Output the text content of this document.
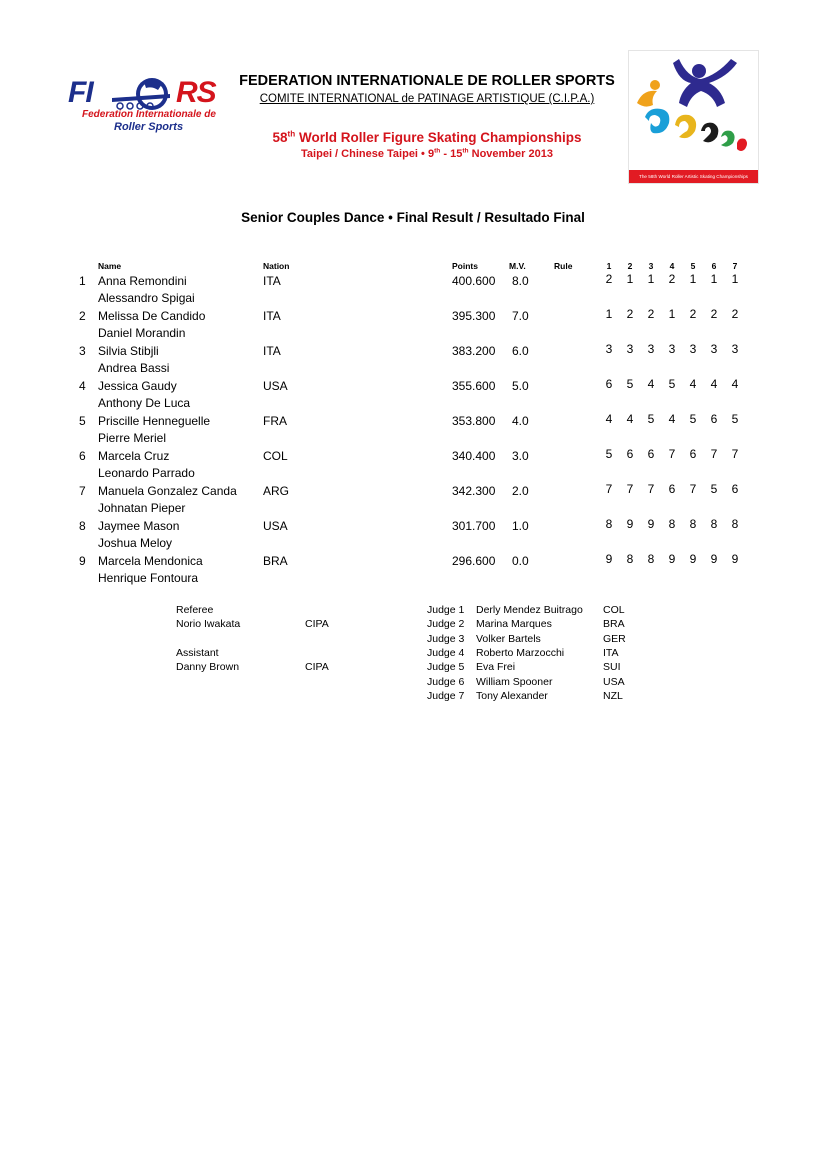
FI	RS
Federation Internationale de
Roller Sports
FEDERATION INTERNATIONALE DE ROLLER SPORTS
COMITE INTERNATIONAL de PATINAGE ARTISTIQUE (C.I.P.A.)
58th World Roller Figure Skating Championships
Taipei / Chinese Taipei • 9th - 15th November 2013
The 58th World Roller Artistic Skating Championships
Senior Couples Dance • Final Result / Resultado Final
Name	Nation	Points	M.V.	Rule	1	2	3	4	5	6	7
1 Anna Remondini
Alessandro Spigai
ITA	400.600 8.0	2	1	1	2	1	1	1
2 Melissa De Candido
Daniel Morandin
ITA	395.300 7.0	1	2	2	1	2	2	2
3 Silvia Stibjli
Andrea Bassi
ITA	383.200 6.0	3	3	3	3	3	3	3
4 Jessica Gaudy
Anthony De Luca
USA	355.600 5.0	6	5	4	5	4	4	4
5 Priscille Henneguelle
Pierre Meriel
FRA	353.800 4.0	4	4	5	4	5	6	5
6 Marcela Cruz
Leonardo Parrado
COL	340.400 3.0	5	6	6	7	6	7	7
7 Manuela Gonzalez Canda
Johnatan Pieper
ARG	342.300 2.0	7	7	7	6	7	5	6
8 Jaymee Mason
Joshua Meloy
USA	301.700 1.0	8	9	9	8	8	8	8
9 Marcela Mendonica
Henrique Fontoura
BRA	296.600 0.0	9	8	8	9	9	9	9
Referee
Norio Iwakata	CIPA
Assistant
Danny Brown	CIPA
Judge 1 Derly Mendez Buitrago COL
Judge 2 Marina Marques	BRA
Judge 3 Volker Bartels	GER
Judge 4 Roberto Marzocchi	ITA
Judge 5 Eva Frei	SUI
Judge 6 William Spooner	USA
Judge 7 Tony Alexander	NZL
